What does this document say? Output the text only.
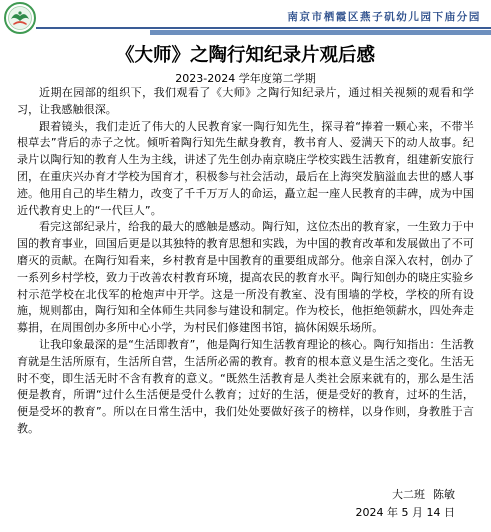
南京市栖霞区燕子矶幼儿园下庙分园
《大师》之陶行知纪录片观后感
2023-2024 学年度第二学期

近期在园部的组织下，我们观看了《大师》之陶行知纪录片，通过相关视频的观看和学习，让我感触很深。

跟着镜头，我们走近了伟大的人民教育家一陶行知先生，探寻着“捧着一颗心来，不带半根草去”背后的赤子之忱。倾听着陶行知先生献身教育，教书育人、爱满天下的动人故事。纪录片以陶行知的教育人生为主线，讲述了先生创办南京晓庄学校实践生活教育，组建新安旅行团，在重庆兴办育才学校为国育才，积极参与社会活动，最后在上海突发脑溢血去世的感人事迹。他用自己的毕生精力，改变了千千万万人的命运，矗立起一座人民教育的丰碑，成为中国近代教育史上的“一代巨人”。

看完这部纪录片，给我的最大的感触是感动。陶行知，这位杰出的教育家，一生致力于中国的教育事业，回国后更是以其独特的教育思想和实践，为中国的教育改革和发展做出了不可磨灭的贡献。在陶行知看来，乡村教育是中国教育的重要组成部分。他亲自深入农村，创办了一系列乡村学校，致力于改善农村教育环境，提高农民的教育水平。陶行知创办的晓庄实验乡村示范学校在北伐军的枪炮声中开学。这是一所没有教室、没有围墙的学校，学校的所有设施，规则都由，陶行知和全体师生共同参与建设和制定。作为校长，他拒绝领薪水，四处奔走募捐，在周围创办多所中心小学，为村民们修建图书馆，搞休闲娱乐场所。

让我印象最深的是“生活即教育”，他是陶行知生活教育理论的核心。陶行知指出：生活教育就是生活所原有，生活所自营，生活所必需的教育。教育的根本意义是生活之变化。生活无时不变，即生活无时不含有教育的意义。“既然生活教育是人类社会原来就有的，那么是生活便是教育，所谓“过什么生活便是受什么教育；过好的生活，便是受好的教育，过坏的生活，便是受坏的教育”。所以在日常生活中，我们处处要做好孩子的榜样，以身作则，身教胜于言教。

大二班 陈敏
2024 年 5 月 14 日
